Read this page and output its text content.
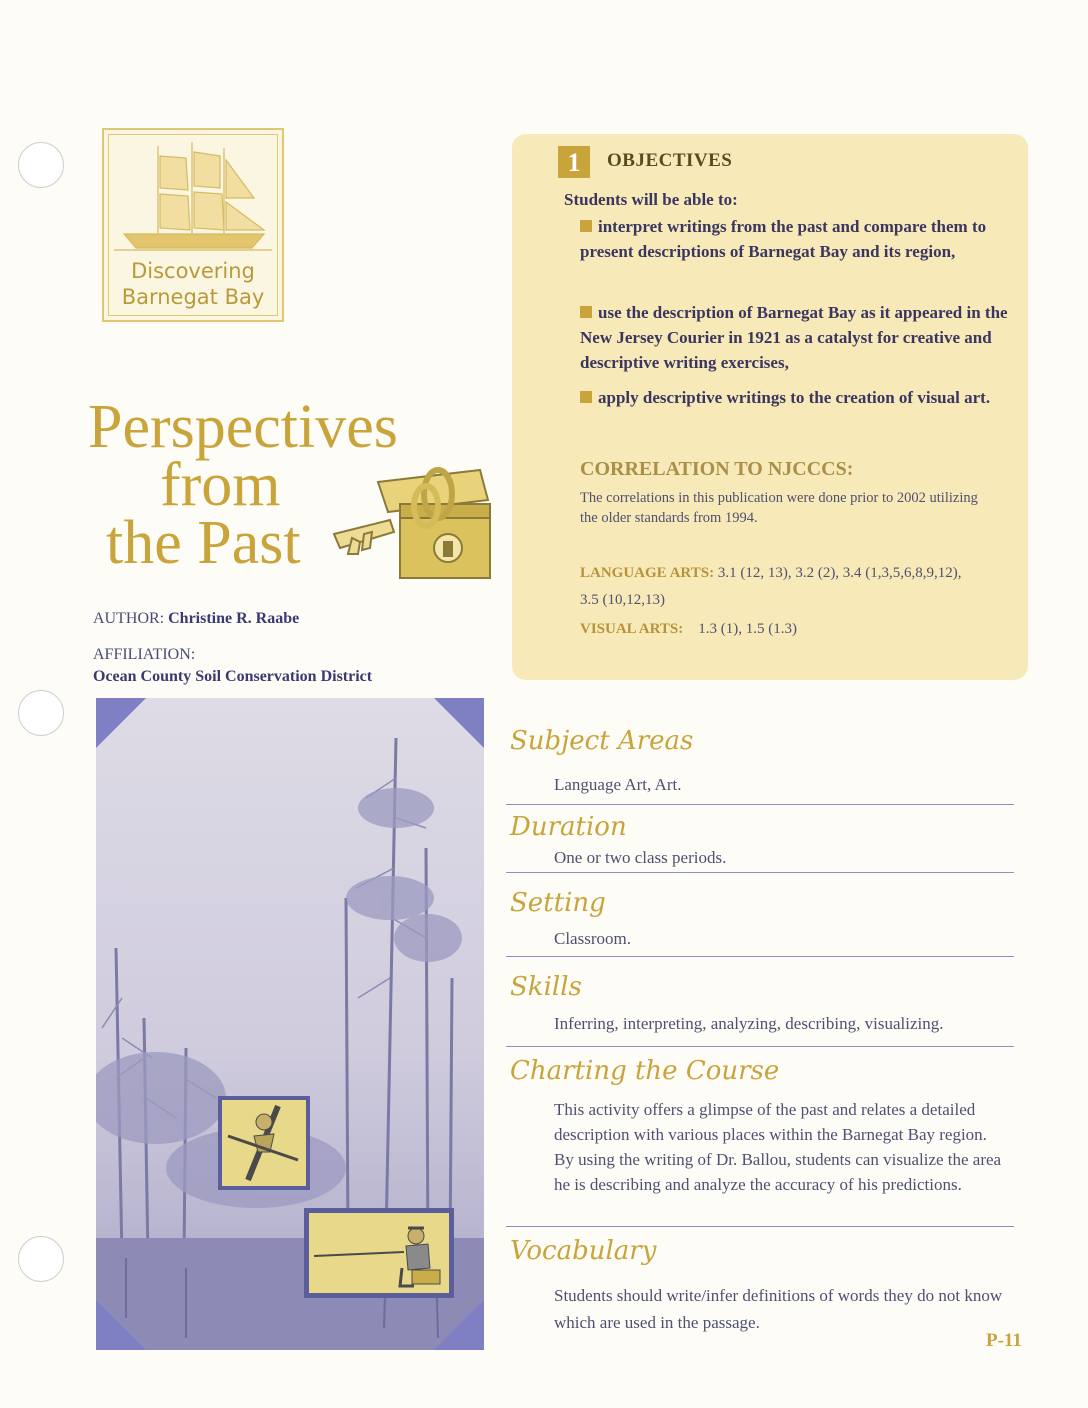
Discovering
Barnegat Bay
Perspectives
from
the Past
AUTHOR: Christine R. Raabe
AFFILIATION:
Ocean County Soil Conservation District
1	OBJECTIVES
Students will be able to:
interpret writings from the past and compare them to present descriptions of Barnegat Bay and its region,
use the description of Barnegat Bay as it appeared in the New Jersey Courier in 1921 as a catalyst for creative and descriptive writing exercises,
apply descriptive writings to the creation of visual art.
CORRELATION TO NJCCCS:
The correlations in this publication were done prior to 2002 utilizing the older standards from 1994.
LANGUAGE ARTS: 3.1 (12, 13), 3.2 (2), 3.4 (1,3,5,6,8,9,12),
3.5 (10,12,13)
VISUAL ARTS: 1.3 (1), 1.5 (1.3)
Subject Areas
Language Art, Art.
Duration
One or two class periods.
Setting
Classroom.
Skills
Inferring, interpreting, analyzing, describing, visualizing.
Charting the Course
This activity offers a glimpse of the past and relates a detailed description with various places within the Barnegat Bay region. By using the writing of Dr. Ballou, students can visualize the area he is describing and analyze the accuracy of his predictions.
Vocabulary
Students should write/infer definitions of words they do not know which are used in the passage.
P-11
